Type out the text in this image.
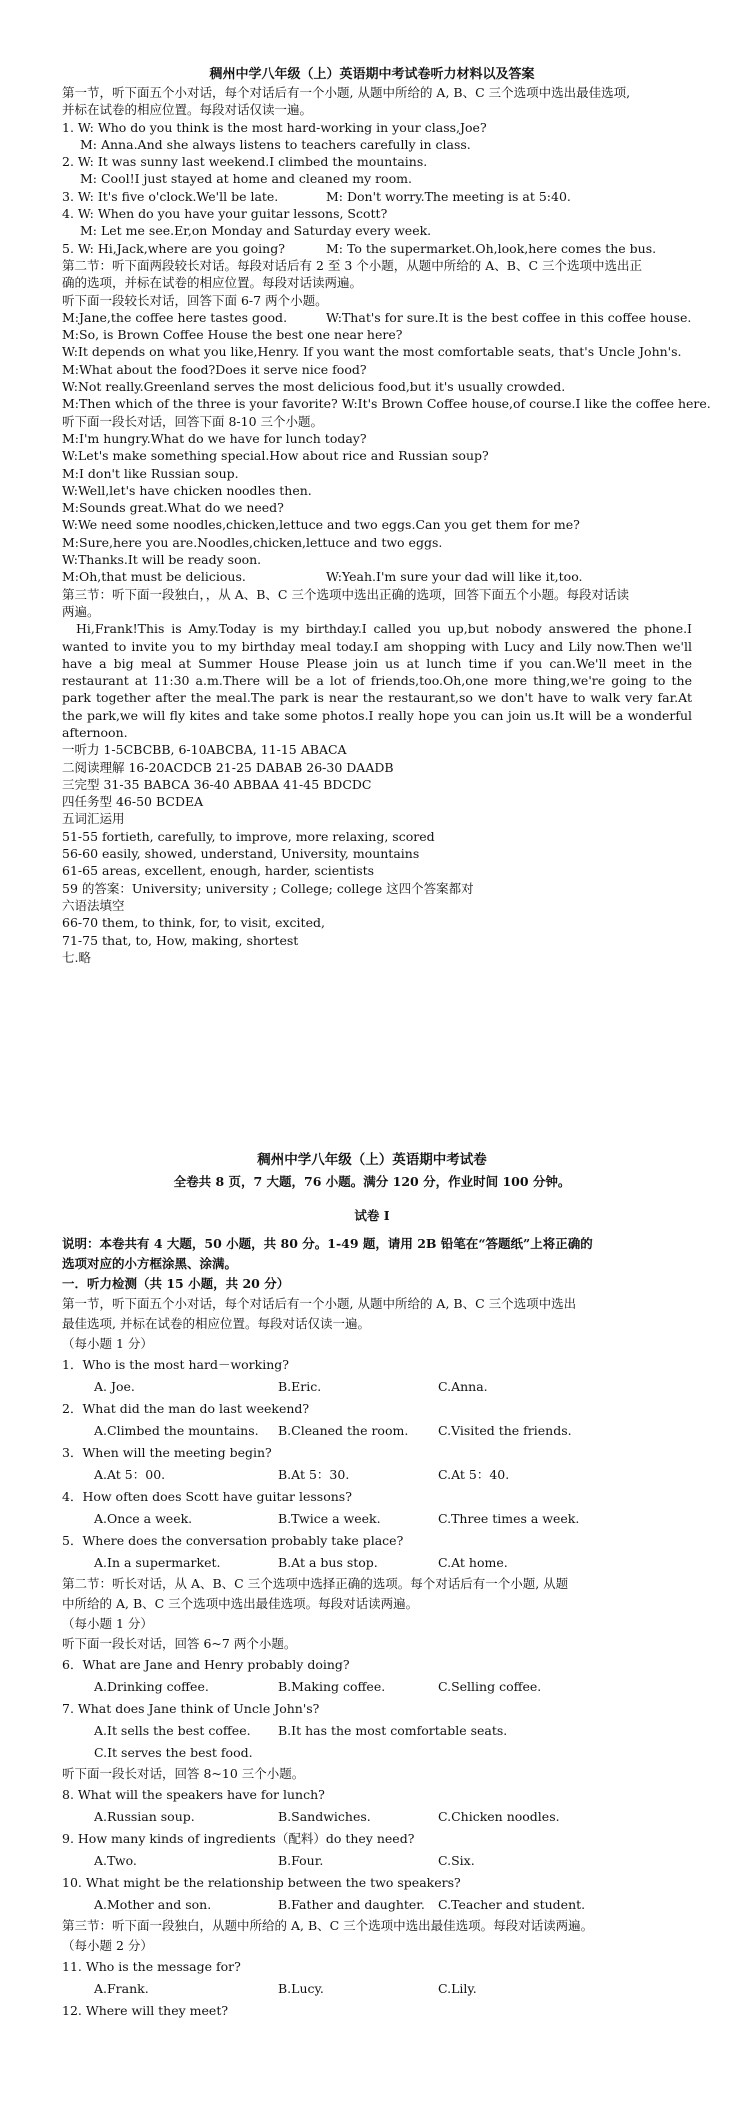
稠州中学八年级（上）英语期中考试卷听力材料以及答案
第一节，听下面五个小对话，每个对话后有一个小题, 从题中所给的 A, B、C 三个选项中选出最佳选项,
并标在试卷的相应位置。每段对话仅读一遍。
1. W: Who do you think is the most hard-working in your class,Joe?
M: Anna.And she always listens to teachers carefully in class.
2. W: It was sunny last weekend.I climbed the mountains.
M: Cool!I just stayed at home and cleaned my room.
3. W: It's five o'clock.We'll be late.	M: Don't worry.The meeting is at 5:40.
4. W: When do you have your guitar lessons, Scott?
M: Let me see.Er,on Monday and Saturday every week.
5. W: Hi,Jack,where are you going?	M: To the supermarket.Oh,look,here comes the bus.
第二节：听下面两段较长对话。每段对话后有 2 至 3 个小题，从题中所给的 A、B、C 三个选项中选出正
确的选项，并标在试卷的相应位置。每段对话读两遍。
听下面一段较长对话，回答下面 6-7 两个小题。
M:Jane,the coffee here tastes good.	W:That's for sure.It is the best coffee in this coffee house.
M:So, is Brown Coffee House the best one near here?
W:It depends on what you like,Henry. If you want the most comfortable seats, that's Uncle John's.
M:What about the food?Does it serve nice food?
W:Not really.Greenland serves the most delicious food,but it's usually crowded.
M:Then which of the three is your favorite? W:It's Brown Coffee house,of course.I like the coffee here.
听下面一段长对话，回答下面 8-10 三个小题。
M:I'm hungry.What do we have for lunch today?
W:Let's make something special.How about rice and Russian soup?
M:I don't like Russian soup.
W:Well,let's have chicken noodles then.
M:Sounds great.What do we need?
W:We need some noodles,chicken,lettuce and two eggs.Can you get them for me?
M:Sure,here you are.Noodles,chicken,lettuce and two eggs.
W:Thanks.It will be ready soon.
M:Oh,that must be delicious.	W:Yeah.I'm sure your dad will like it,too.
第三节：听下面一段独白，，从 A、B、C 三个选项中选出正确的选项，回答下面五个小题。每段对话读
两遍。
Hi,Frank!This is Amy.Today is my birthday.I called you up,but nobody answered the phone.I wanted to invite you to my birthday meal today.I am shopping with Lucy and Lily now.Then we'll have a big meal at Summer House Please join us at lunch time if you can.We'll meet in the restaurant at 11:30 a.m.There will be a lot of friends,too.Oh,one more thing,we're going to the park together after the meal.The park is near the restaurant,so we don't have to walk very far.At the park,we will fly kites and take some photos.I really hope you can join us.It will be a wonderful afternoon.
一听力 1-5CBCBB, 6-10ABCBA, 11-15 ABACA
二阅读理解 16-20ACDCB 21-25 DABAB 26-30 DAADB
三完型 31-35 BABCA 36-40 ABBAA 41-45 BDCDC
四任务型 46-50 BCDEA
五词汇运用
51-55 fortieth, carefully, to improve, more relaxing, scored
56-60 easily, showed, understand, University, mountains
61-65 areas, excellent, enough, harder, scientists
59 的答案：University; university ; College; college 这四个答案都对
六语法填空
66-70 them, to think, for, to visit, excited,
71-75 that, to, How, making, shortest
七.略
稠州中学八年级（上）英语期中考试卷
全卷共 8 页，7 大题，76 小题。满分 120 分，作业时间 100 分钟。
试卷 I
说明：本卷共有 4 大题，50 小题，共 80 分。1-49 题，请用 2B 铅笔在“答题纸”上将正确的
选项对应的小方框涂黑、涂满。
一．听力检测（共 15 小题，共 20 分）
第一节，听下面五个小对话，每个对话后有一个小题, 从题中所给的 A, B、C 三个选项中选出
最佳选项, 并标在试卷的相应位置。每段对话仅读一遍。
（每小题 1 分）
1．Who is the most hard－working?
A. Joe.	B.Eric.	C.Anna.
2．What did the man do last weekend?
A.Climbed the mountains.	B.Cleaned the room.	C.Visited the friends.
3．When will the meeting begin?
A.At 5：00.	B.At 5：30.	C.At 5：40.
4．How often does Scott have guitar lessons?
A.Once a week.	B.Twice a week.	C.Three times a week.
5．Where does the conversation probably take place?
A.In a supermarket.	B.At a bus stop.	C.At home.
第二节：听长对话，从 A、B、C 三个选项中选择正确的选项。每个对话后有一个小题, 从题
中所给的 A, B、C 三个选项中选出最佳选项。每段对话读两遍。
（每小题 1 分）
听下面一段长对话，回答 6~7 两个小题。
6．What are Jane and Henry probably doing?
A.Drinking coffee.	B.Making coffee.	C.Selling coffee.
7. What does Jane think of Uncle John's?
A.It sells the best coffee.	B.It has the most comfortable seats.
C.It serves the best food.
听下面一段长对话，回答 8~10 三个小题。
8. What will the speakers have for lunch?
A.Russian soup.	B.Sandwiches.	C.Chicken noodles.
9. How many kinds of ingredients（配料）do they need?
A.Two.	B.Four.	C.Six.
10. What might be the relationship between the two speakers?
A.Mother and son.	B.Father and daughter.	C.Teacher and student.
第三节：听下面一段独白，从题中所给的 A, B、C 三个选项中选出最佳选项。每段对话读两遍。
（每小题 2 分）
11. Who is the message for?
A.Frank.	B.Lucy.	C.Lily.
12. Where will they meet?
